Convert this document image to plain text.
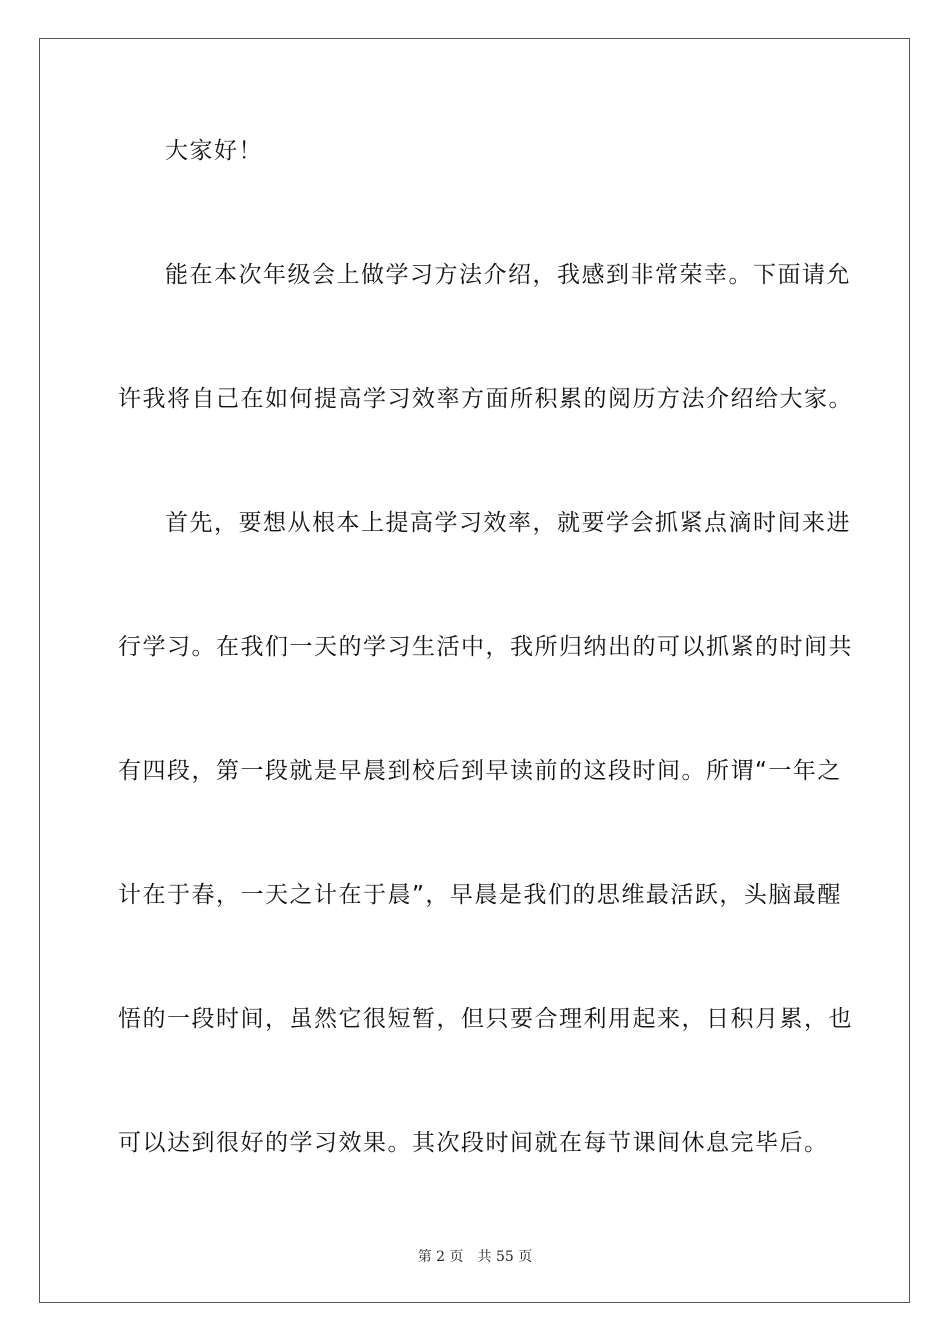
大家好！
能在本次年级会上做学习方法介绍，我感到非常荣幸。下面请允
许我将自己在如何提高学习效率方面所积累的阅历方法介绍给大家。
首先，要想从根本上提高学习效率，就要学会抓紧点滴时间来进
行学习。在我们一天的学习生活中，我所归纳出的可以抓紧的时间共
有四段，第一段就是早晨到校后到早读前的这段时间。所谓“一年之
计在于春，一天之计在于晨”，早晨是我们的思维最活跃，头脑最醒
悟的一段时间，虽然它很短暂，但只要合理利用起来，日积月累，也
可以达到很好的学习效果。其次段时间就在每节课间休息完毕后。
第 2 页 共 55 页
